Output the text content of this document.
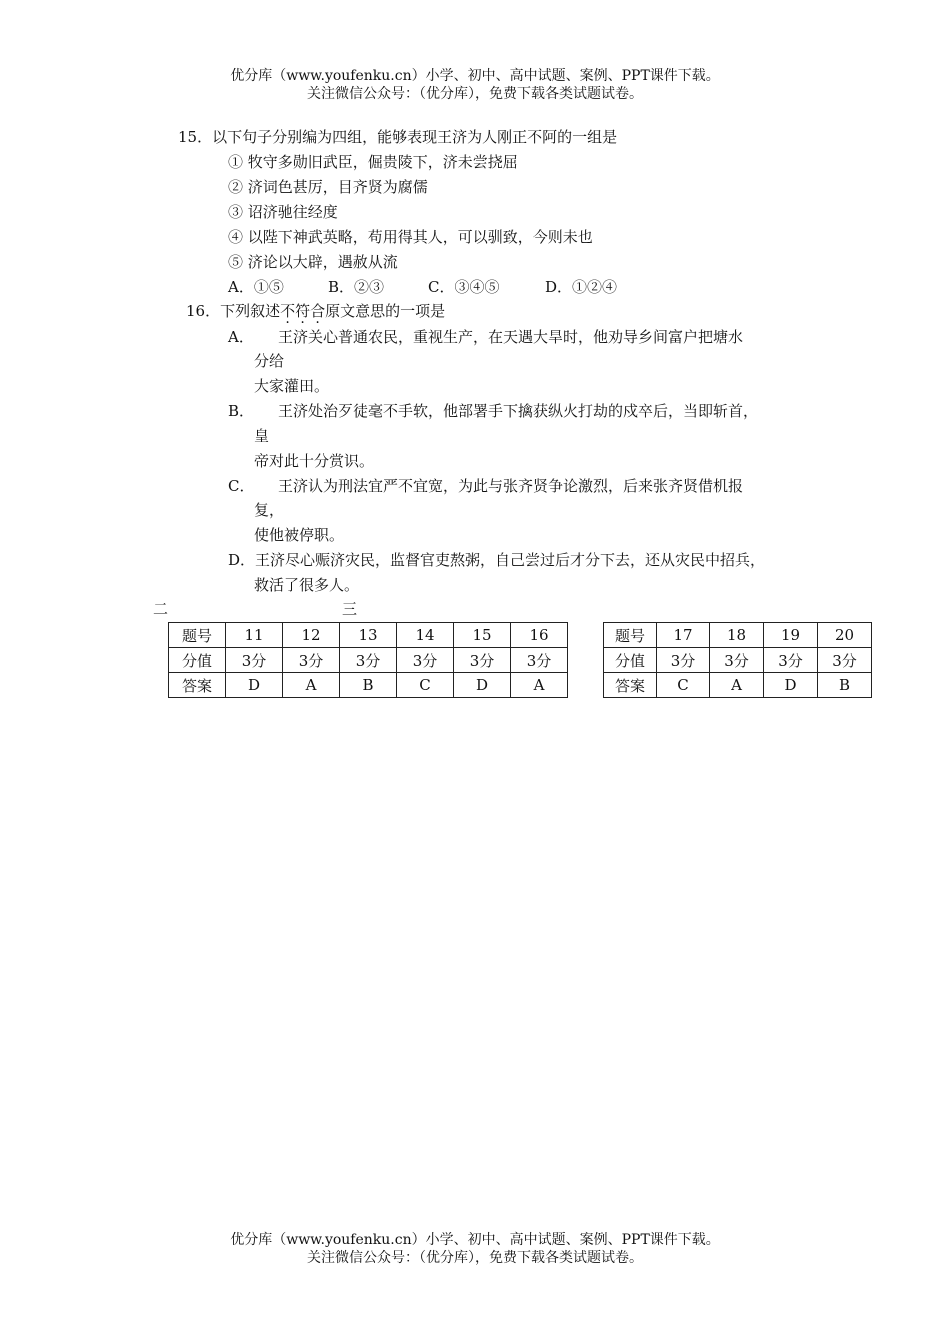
优分库（www.youfenku.cn）小学、初中、高中试题、案例、PPT课件下载。
关注微信公众号：（优分库），免费下载各类试题试卷。
15．以下句子分别编为四组，能够表现王济为人刚正不阿的一组是
① 牧守多勋旧武臣，倔贵陵下，济未尝挠屈
② 济词色甚厉，目齐贤为腐儒
③ 诏济驰往经度
④ 以陛下神武英略，苟用得其人，可以驯致，今则未也
⑤ 济论以大辟，遇赦从流
A．①⑤	B．②③	C．③④⑤	D．①②④
16．下列叙述不符合原文意思的一项是
A． 王济关心普通农民，重视生产，在天遇大旱时，他劝导乡间富户把塘水
分给
大家灌田。
B． 王济处治歹徒毫不手软，他部署手下擒获纵火打劫的戍卒后，当即斩首，
皇
帝对此十分赏识。
C． 王济认为刑法宜严不宜宽，为此与张齐贤争论激烈，后来张齐贤借机报
复，
使他被停职。
D．王济尽心赈济灾民，监督官吏熬粥，自己尝过后才分下去，还从灾民中招兵，
救活了很多人。
二	三
题号	11	12	13	14	15	16
分值	3分	3分	3分	3分	3分	3分
答案	D	A	B	C	D	A
题号	17	18	19	20
分值	3分	3分	3分	3分
答案	C	A	D	B
优分库（www.youfenku.cn）小学、初中、高中试题、案例、PPT课件下载。
关注微信公众号：（优分库），免费下载各类试题试卷。
